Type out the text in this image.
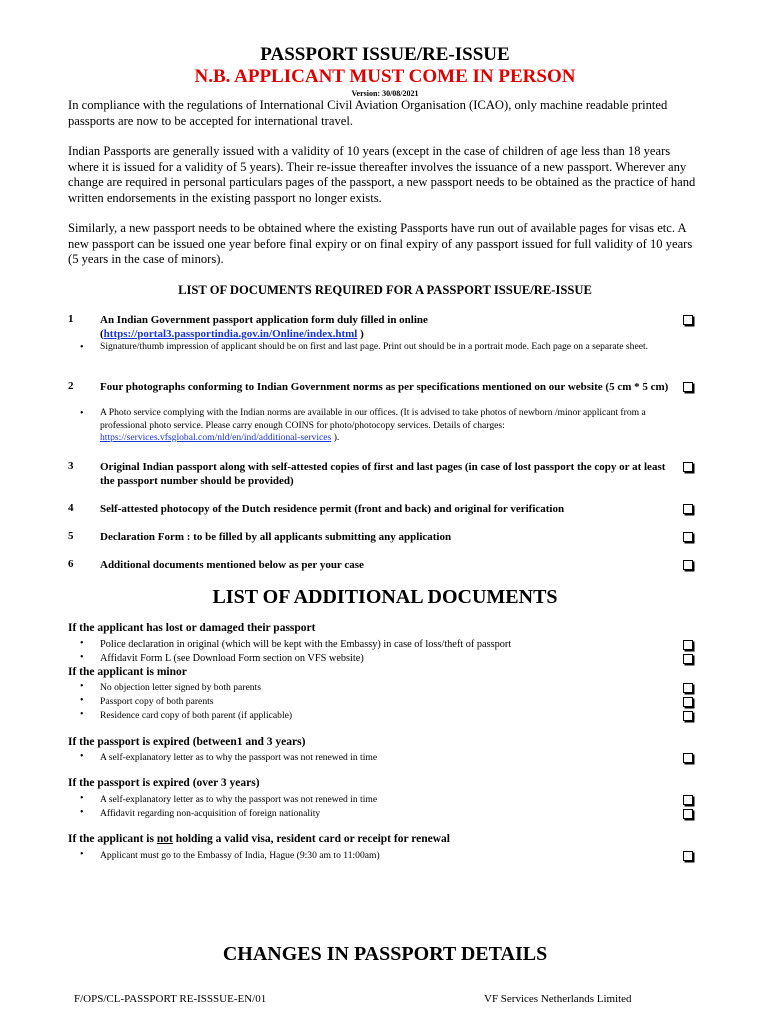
PASSPORT ISSUE/RE-ISSUE
N.B. APPLICANT MUST COME IN PERSON
Version: 30/08/2021

In compliance with the regulations of International Civil Aviation Organisation (ICAO), only machine readable printed passports are now to be accepted for international travel.

Indian Passports are generally issued with a validity of 10 years (except in the case of children of age less than 18 years where it is issued for a validity of 5 years). Their re-issue thereafter involves the issuance of a new passport. Wherever any change are required in personal particulars pages of the passport, a new passport needs to be obtained as the practice of hand written endorsements in the existing passport no longer exists.

Similarly, a new passport needs to be obtained where the existing Passports have run out of available pages for visas etc. A new passport can be issued one year before final expiry or on final expiry of any passport issued for full validity of 10 years (5 years in the case of minors).

LIST OF DOCUMENTS REQUIRED FOR A PASSPORT ISSUE/RE-ISSUE
1 An Indian Government passport application form duly filled in online
(https://portal3.passportindia.gov.in/Online/index.html )
• Signature/thumb impression of applicant should be on first and last page. Print out should be in a portrait mode. Each page on a separate sheet.
2 Four photographs conforming to Indian Government norms as per specifications mentioned on our website (5 cm * 5 cm)
• A Photo service complying with the Indian norms are available in our offices. (It is advised to take photos of newborn /minor applicant from a professional photo service. Please carry enough COINS for photo/photocopy services. Details of charges: https://services.vfsglobal.com/nld/en/ind/additional-services ).
3 Original Indian passport along with self-attested copies of first and last pages (in case of lost passport the copy or at least the passport number should be provided)
4 Self-attested photocopy of the Dutch residence permit (front and back) and original for verification
5 Declaration Form : to be filled by all applicants submitting any application
6 Additional documents mentioned below as per your case
LIST OF ADDITIONAL DOCUMENTS
If the applicant has lost or damaged their passport
• Police declaration in original (which will be kept with the Embassy) in case of loss/theft of passport
• Affidavit Form L (see Download Form section on VFS website)
If the applicant is minor
• No objection letter signed by both parents
• Passport copy of both parents
• Residence card copy of both parent (if applicable)
If the passport is expired (between1 and 3 years)
• A self-explanatory letter as to why the passport was not renewed in time
If the passport is expired (over 3 years)
• A self-explanatory letter as to why the passport was not renewed in time
• Affidavit regarding non-acquisition of foreign nationality
If the applicant is not holding a valid visa, resident card or receipt for renewal
• Applicant must go to the Embassy of India, Hague (9:30 am to 11:00am)
CHANGES IN PASSPORT DETAILS
F/OPS/CL-PASSPORT RE-ISSSUE-EN/01	VF Services Netherlands Limited
